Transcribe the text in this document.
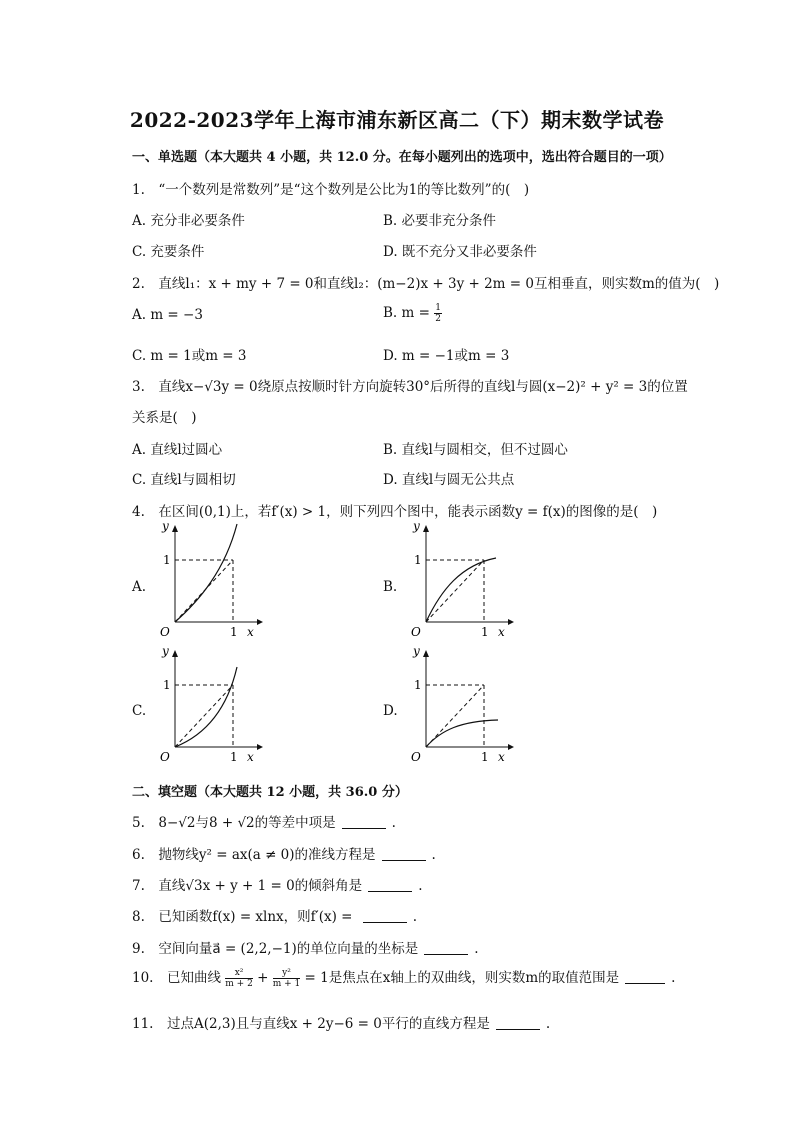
2022-2023学年上海市浦东新区高二（下）期末数学试卷
一、单选题（本大题共 4 小题，共 12.0 分。在每小题列出的选项中，选出符合题目的一项）
1.　“一个数列是常数列”是“这个数列是公比为1的等比数列”的(　)
A. 充分非必要条件	B. 必要非充分条件
C. 充要条件	D. 既不充分又非必要条件
2.　直线l₁：x + my + 7 = 0和直线l₂：(m−2)x + 3y + 2m = 0互相垂直，则实数m的值为(　)
A. m = −3	B. $m = \frac{1}{2}$
C. m = 1或m = 3	D. m = −1或m = 3
3.　直线x−√3y = 0绕原点按顺时针方向旋转30°后所得的直线l与圆(x−2)² + y² = 3的位置
关系是(　)
A. 直线l过圆心	B. 直线l与圆相交，但不过圆心
C. 直线l与圆相切	D. 直线l与圆无公共点
4.　在区间(0,1)上，若f′(x) > 1，则下列四个图中，能表示函数y = f(x)的图像的是(　)
A.
y
x
O
1
1
B.
y
x
O
1
1
C.
y
x
O
1
1
D.
y
x
O
1
1
二、填空题（本大题共 12 小题，共 36.0 分）
5.　8−√2与8 + √2的等差中项是	.
6.　抛物线y² = ax(a ≠ 0)的准线方程是	.
7.　直线√3x + y + 1 = 0的倾斜角是	.
8.　已知函数f(x) = xlnx，则f′(x) =	.
9.　空间向量a⃗ = (2,2,−1)的单位向量的坐标是	.
10.　已知曲线 $\frac{\text{x²}}{m + 2} + \frac{\text{y²}}{m + 1} = 1$是焦点在x轴上的双曲线，则实数m的取值范围是	.
11.　过点A(2,3)且与直线x + 2y−6 = 0平行的直线方程是	.
